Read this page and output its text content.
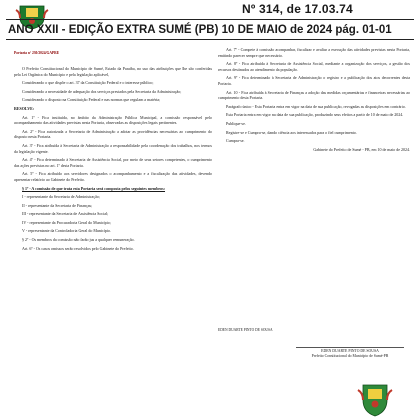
Nº 314, de 17.03.74
ANO XXII - EDIÇÃO EXTRA SUMÉ (PB) 10 DE MAIO de 2024 pág. 01-01
Portaria nº 230/2024/GAPRE

O Prefeito Constitucional do Município de Sumé, Estado da Paraíba, no uso das atribuições que lhe são conferidas pela Lei Orgânica do Município e pela legislação aplicável,

Considerando o que dispõe o art. 37 da Constituição Federal e o interesse público;

Considerando a necessidade de adequação dos serviços prestados pela Secretaria da Administração;

Considerando o disposto na Constituição Federal e nas normas que regulam a matéria;

RESOLVE:

Art. 1º - Fica instituída, no âmbito da Administração Pública Municipal, a comissão responsável pelo acompanhamento das atividades previstas nesta Portaria, observadas as disposições legais pertinentes.

Art. 2º - Fica autorizada a Secretaria de Administração a adotar as providências necessárias ao cumprimento do disposto nesta Portaria.

Art. 3º - Fica atribuída à Secretaria de Administração a responsabilidade pela coordenação dos trabalhos, nos termos da legislação vigente.

Art. 4º - Fica determinado à Secretaria de Assistência Social, por meio de seus setores competentes, o cumprimento das ações previstas no art. 1º desta Portaria.

Art. 5º - Fica atribuído aos servidores designados o acompanhamento e a fiscalização das atividades, devendo apresentar relatório ao Gabinete do Prefeito.

§ 1º - A comissão de que trata esta Portaria será composta pelos seguintes membros:

I - representante da Secretaria de Administração;

II - representante da Secretaria de Finanças;

III - representante da Secretaria de Assistência Social;

IV - representante da Procuradoria Geral do Município;

V - representante da Controladoria Geral do Município.

§ 2º - Os membros da comissão não farão jus a qualquer remuneração.

Art. 6º - Os casos omissos serão resolvidos pelo Gabinete do Prefeito.

Art. 7º - Compete à comissão acompanhar, fiscalizar e avaliar a execução das atividades previstas nesta Portaria, emitindo parecer sempre que necessário.

Art. 8º - Fica atribuída à Secretaria de Assistência Social, mediante a organização dos serviços, a gestão dos recursos destinados ao atendimento da população.

Art. 9º - Fica determinado à Secretaria de Administração o registro e a publicação dos atos decorrentes desta Portaria.

Art. 10 - Fica atribuída à Secretaria de Finanças a adoção das medidas orçamentárias e financeiras necessárias ao cumprimento desta Portaria.

Parágrafo único - Esta Portaria entra em vigor na data de sua publicação, revogadas as disposições em contrário.

Esta Portaria entra em vigor na data de sua publicação, produzindo seus efeitos a partir de 10 de maio de 2024.

Publique-se.

Registre-se e Cumpra-se, dando ciência aos interessados para o fiel cumprimento.

Cumpra-se.

Gabinete do Prefeito de Sumé - PB, em 10 de maio de 2024.

EDEN DUARTE PINTO DE SOUSA
EDEN DUARTE PINTO DE SOUSA
Prefeito Constitucional do Município de Sumé-PB
